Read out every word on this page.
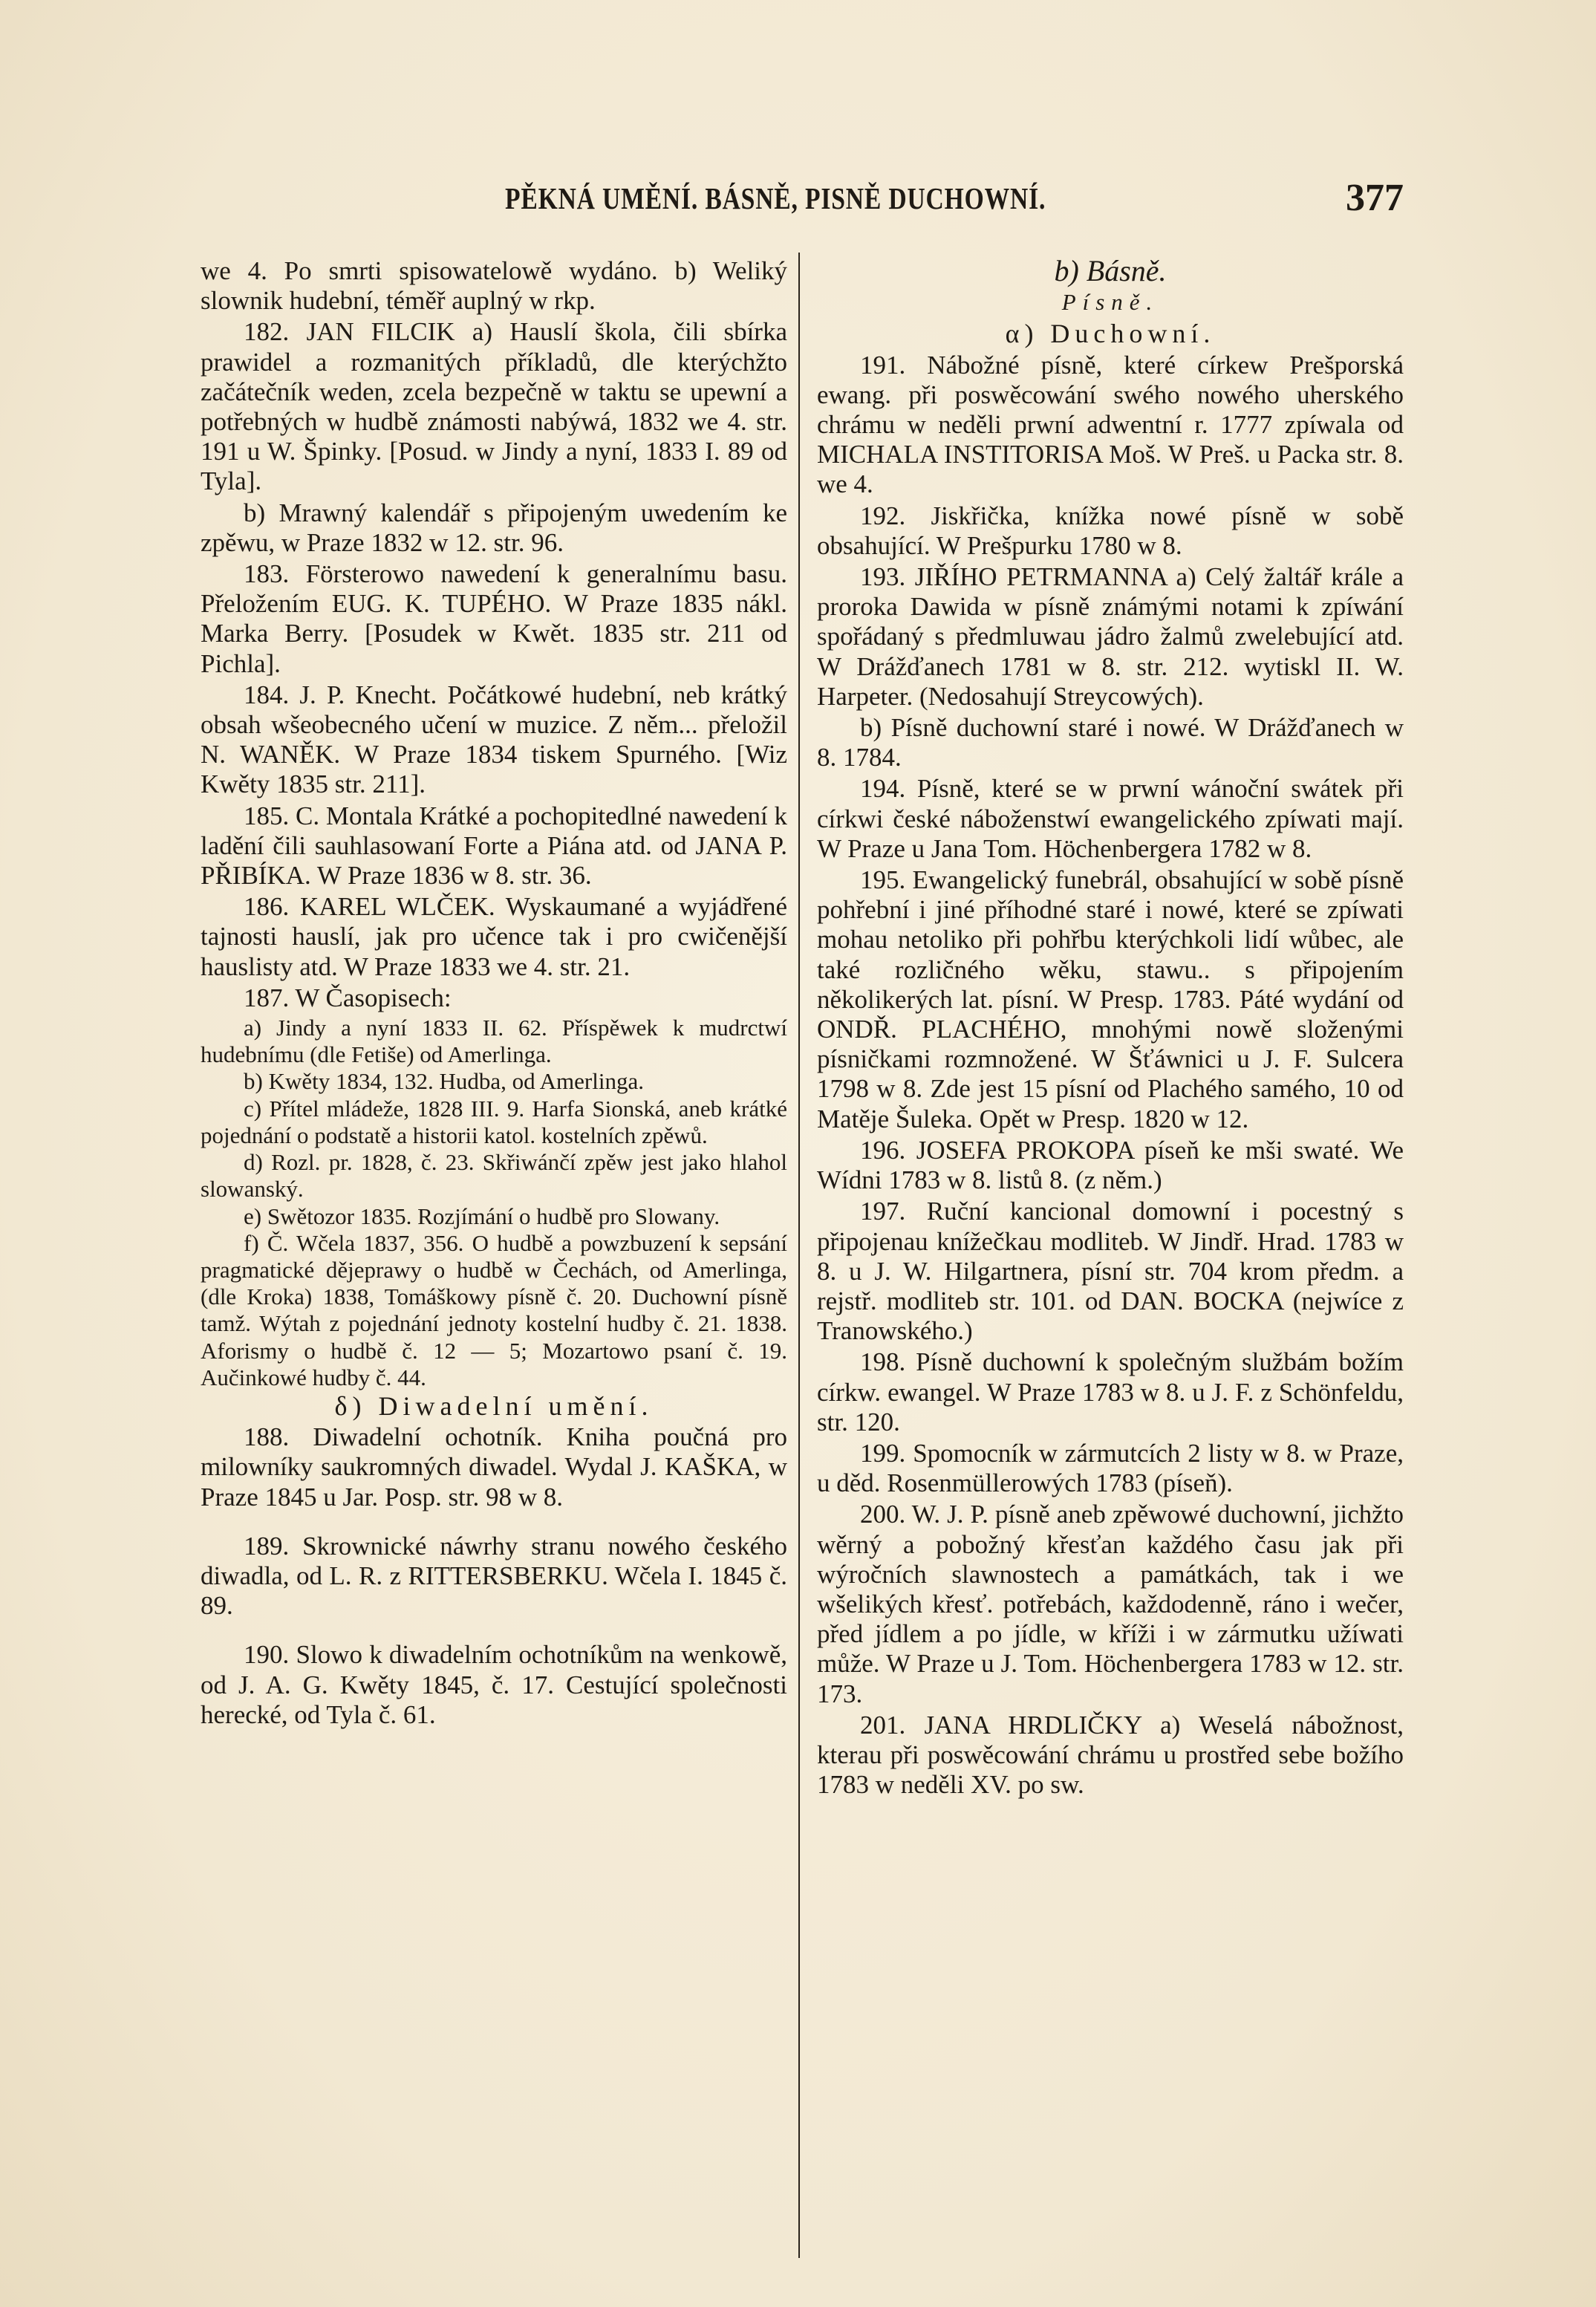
PĚKNÁ UMĚNÍ. BÁSNĚ, PISNĚ DUCHOWNÍ.	377

we 4. Po smrti spisowatelowě wydáno. b) Weliký slownik hudební, téměř auplný w rkp.

182. JAN FILCIK a) Hauslí škola, čili sbírka prawidel a rozmanitých příkladů, dle kterýchžto začátečník weden, zcela bezpečně w taktu se upewní a potřebných w hudbě známosti nabýwá, 1832 we 4. str. 191 u W. Špinky. [Posud. w Jindy a nyní, 1833 I. 89 od Tyla].

b) Mrawný kalendář s připojeným uwedením ke zpěwu, w Praze 1832 w 12. str. 96.

183. Försterowo nawedení k generalnímu basu. Přeložením EUG. K. TUPÉHO. W Praze 1835 nákl. Marka Berry. [Posudek w Kwět. 1835 str. 211 od Pichla].

184. J. P. Knecht. Počátkowé hudební, neb krátký obsah wšeobecného učení w muzice. Z něm... přeložil N. WANĚK. W Praze 1834 tiskem Spurného. [Wiz Kwěty 1835 str. 211].

185. C. Montala Krátké a pochopitedlné nawedení k ladění čili sauhlasowaní Forte a Piána atd. od JANA P. PŘIBÍKA. W Praze 1836 w 8. str. 36.

186. KAREL WLČEK. Wyskaumané a wyjádřené tajnosti hauslí, jak pro učence tak i pro cwičenější hauslisty atd. W Praze 1833 we 4. str. 21.

187. W Časopisech:

a) Jindy a nyní 1833 II. 62. Příspěwek k mudrctwí hudebnímu (dle Fetiše) od Amerlinga.

b) Kwěty 1834, 132. Hudba, od Amerlinga.

c) Přítel mládeže, 1828 III. 9. Harfa Sionská, aneb krátké pojednání o podstatě a historii katol. kostelních zpěwů.

d) Rozl. pr. 1828, č. 23. Skřiwánčí zpěw jest jako hlahol slowanský.

e) Swětozor 1835. Rozjímání o hudbě pro Slowany.

f) Č. Wčela 1837, 356. O hudbě a powzbuzení k sepsání pragmatické dějeprawy o hudbě w Čechách, od Amerlinga, (dle Kroka) 1838, Tomáškowy písně č. 20. Duchowní písně tamž. Wýtah z pojednání jednoty kostelní hudby č. 21. 1838. Aforismy o hudbě č. 12 — 5; Mozartowo psaní č. 19. Aučinkowé hudby č. 44.

δ) Diwadelní umění.

188. Diwadelní ochotník. Kniha poučná pro milowníky saukromných diwadel. Wydal J. KAŠKA, w Praze 1845 u Jar. Posp. str. 98 w 8.

189. Skrownické náwrhy stranu nowého českého diwadla, od L. R. z RITTERSBERKU. Wčela I. 1845 č. 89.

190. Slowo k diwadelním ochotníkům na wenkowě, od J. A. G. Kwěty 1845, č. 17. Cestující společnosti herecké, od Tyla č. 61.

b) Básně.

Písně.

α) Duchowní.

191. Nábožné písně, které církew Prešporská ewang. při poswěcowání swého nowého uherského chrámu w neděli prwní adwentní r. 1777 zpíwala od MICHALA INSTITORISA Moš. W Preš. u Packa str. 8. we 4.

192. Jiskřička, knížka nowé písně w sobě obsahující. W Prešpurku 1780 w 8.

193. JIŘÍHO PETRMANNA a) Celý žaltář krále a proroka Dawida w písně známými notami k zpíwání spořádaný s předmluwau jádro žalmů zwelebující atd. W Drážďanech 1781 w 8. str. 212. wytiskl II. W. Harpeter. (Nedosahují Streycowých).

b) Písně duchowní staré i nowé. W Drážďanech w 8. 1784.

194. Písně, které se w prwní wánoční swátek při církwi české náboženstwí ewangelického zpíwati mají. W Praze u Jana Tom. Höchenbergera 1782 w 8.

195. Ewangelický funebrál, obsahující w sobě písně pohřební i jiné příhodné staré i nowé, které se zpíwati mohau netoliko při pohřbu kterýchkoli lidí wůbec, ale také rozličného wěku, stawu.. s připojením několikerých lat. písní. W Presp. 1783. Páté wydání od ONDŘ. PLACHÉHO, mnohými nowě složenými písničkami rozmnožené. W Šťáwnici u J. F. Sulcera 1798 w 8. Zde jest 15 písní od Plachého samého, 10 od Matěje Šuleka. Opět w Presp. 1820 w 12.

196. JOSEFA PROKOPA píseň ke mši swaté. We Wídni 1783 w 8. listů 8. (z něm.)

197. Ruční kancional domowní i pocestný s připojenau knížečkau modliteb. W Jindř. Hrad. 1783 w 8. u J. W. Hilgartnera, písní str. 704 krom předm. a rejstř. modliteb str. 101. od DAN. BOCKA (nejwíce z Tranowského.)

198. Písně duchowní k společným službám božím církw. ewangel. W Praze 1783 w 8. u J. F. z Schönfeldu, str. 120.

199. Spomocník w zármutcích 2 listy w 8. w Praze, u děd. Rosenmüllerowých 1783 (píseň).

200. W. J. P. písně aneb zpěwowé duchowní, jichžto wěrný a pobožný křesťan každého času jak při wýročních slawnostech a památkách, tak i we wšelikých křesť. potřebách, každodenně, ráno i wečer, před jídlem a po jídle, w kříži i w zármutku užíwati může. W Praze u J. Tom. Höchenbergera 1783 w 12. str. 173.

201. JANA HRDLIČKY a) Weselá nábožnost, kterau při poswěcowání chrámu u prostřed sebe božího 1783 w neděli XV. po sw.
